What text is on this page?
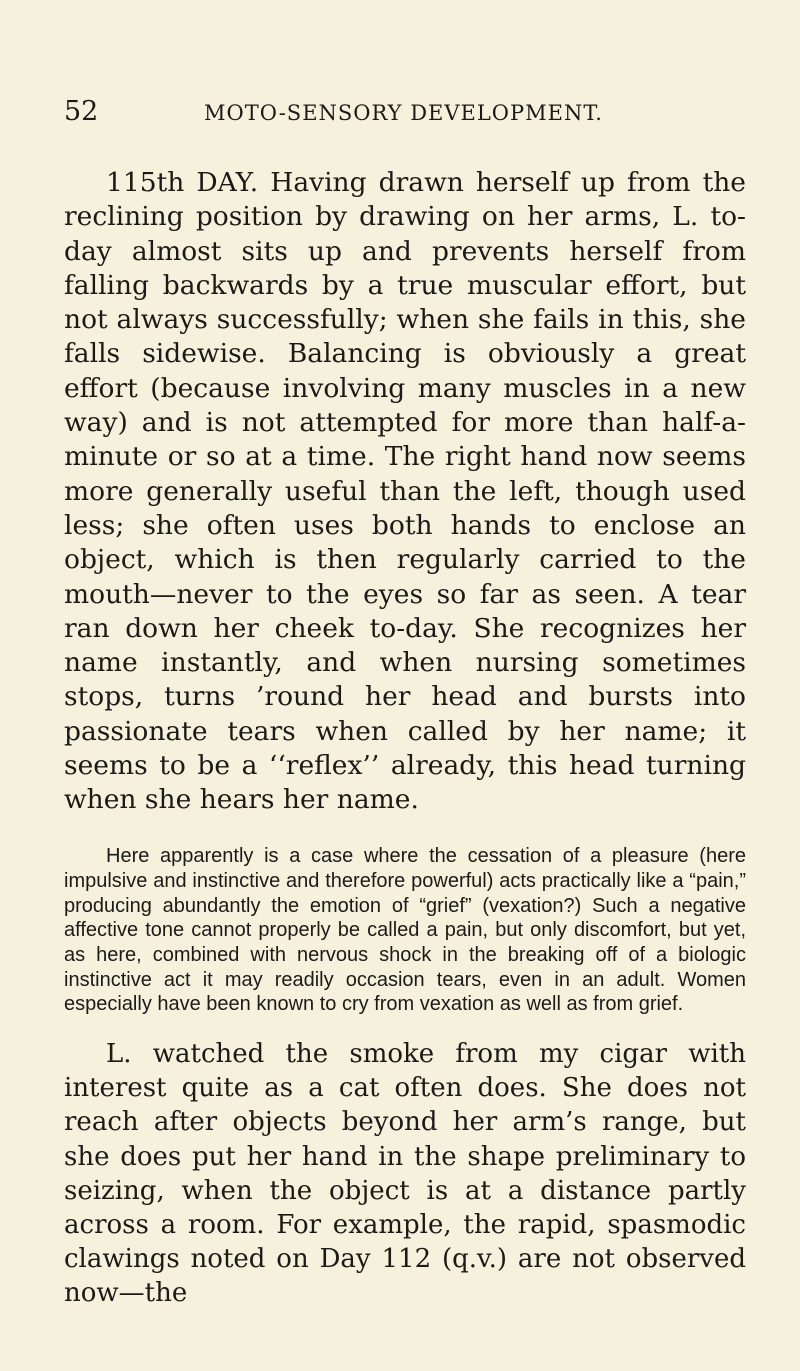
52	MOTO-SENSORY DEVELOPMENT.

115th DAY. Having drawn herself up from the reclining position by drawing on her arms, L. to-day almost sits up and prevents herself from falling backwards by a true muscular effort, but not always successfully; when she fails in this, she falls sidewise. Balancing is obviously a great effort (because involving many muscles in a new way) and is not attempted for more than half-a-minute or so at a time. The right hand now seems more generally useful than the left, though used less; she often uses both hands to enclose an object, which is then regularly carried to the mouth—never to the eyes so far as seen. A tear ran down her cheek to-day. She recognizes her name instantly, and when nursing sometimes stops, turns ’round her head and bursts into passionate tears when called by her name; it seems to be a ‘‘reflex’’ already, this head turning when she hears her name.

Here apparently is a case where the cessation of a pleasure (here impulsive and instinctive and therefore powerful) acts practically like a “pain,” producing abundantly the emotion of “grief” (vexation?) Such a negative affective tone cannot properly be called a pain, but only discomfort, but yet, as here, combined with nervous shock in the breaking off of a biologic instinctive act it may readily occasion tears, even in an adult. Women especially have been known to cry from vexation as well as from grief.

L. watched the smoke from my cigar with interest quite as a cat often does. She does not reach after objects beyond her arm’s range, but she does put her hand in the shape preliminary to seizing, when the object is at a distance partly across a room. For example, the rapid, spasmodic clawings noted on Day 112 (q.v.) are not observed now—the
